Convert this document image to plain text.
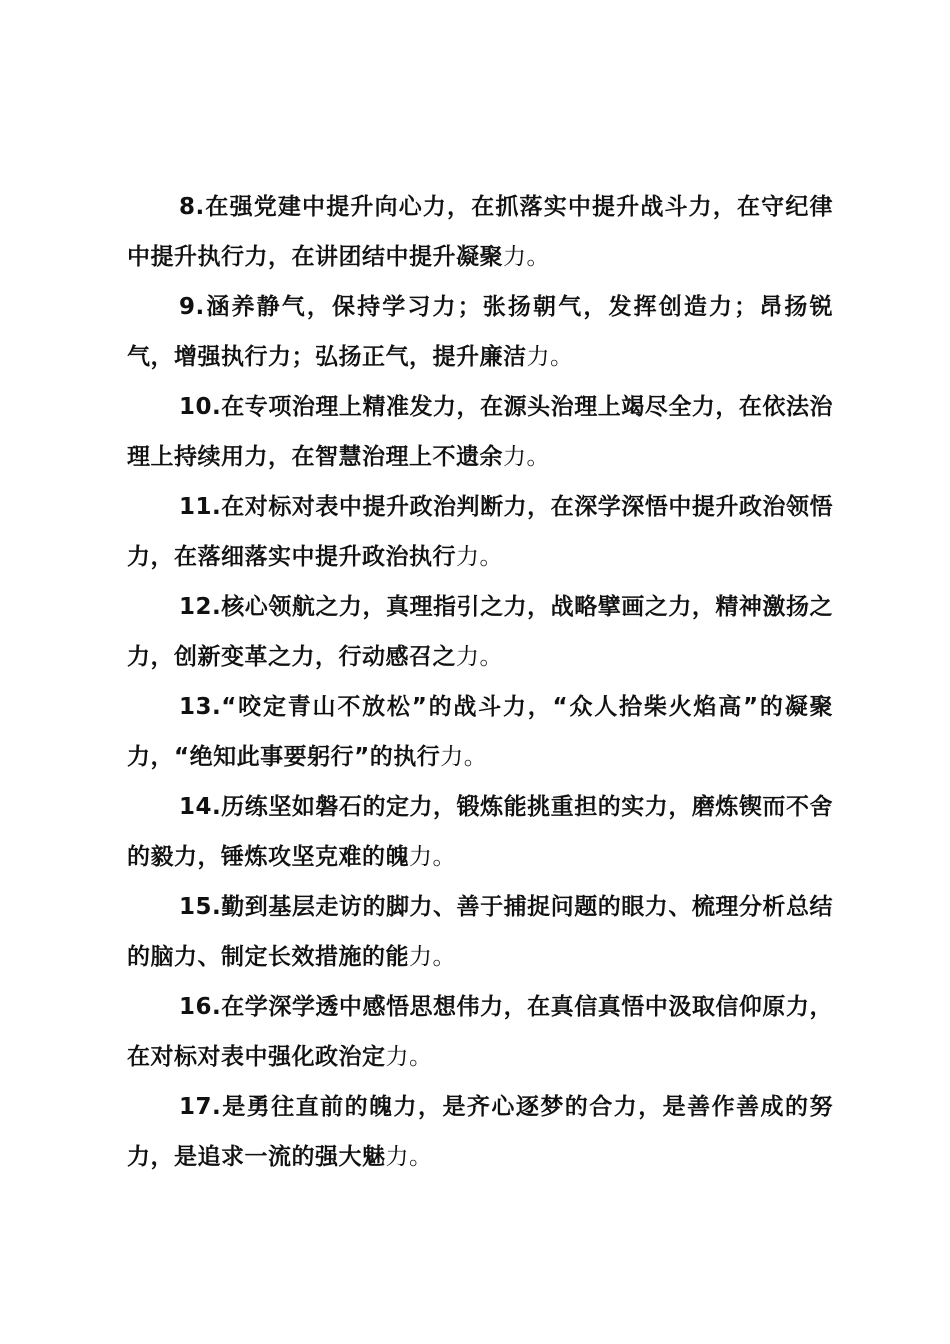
8.在强党建中提升向心力，在抓落实中提升战斗力，在守纪律中提升执行力，在讲团结中提升凝聚力。

9.涵养静气，保持学习力；张扬朝气，发挥创造力；昂扬锐气，增强执行力；弘扬正气，提升廉洁力。

10.在专项治理上精准发力，在源头治理上竭尽全力，在依法治理上持续用力，在智慧治理上不遗余力。

11.在对标对表中提升政治判断力，在深学深悟中提升政治领悟力，在落细落实中提升政治执行力。

12.核心领航之力，真理指引之力，战略擘画之力，精神激扬之力，创新变革之力，行动感召之力。

13.“咬定青山不放松”的战斗力，“众人拾柴火焰高”的凝聚力，“绝知此事要躬行”的执行力。

14.历练坚如磐石的定力，锻炼能挑重担的实力，磨炼锲而不舍的毅力，锤炼攻坚克难的魄力。

15.勤到基层走访的脚力、善于捕捉问题的眼力、梳理分析总结的脑力、制定长效措施的能力。

16.在学深学透中感悟思想伟力，在真信真悟中汲取信仰原力，在对标对表中强化政治定力。

17.是勇往直前的魄力，是齐心逐梦的合力，是善作善成的努力，是追求一流的强大魅力。
